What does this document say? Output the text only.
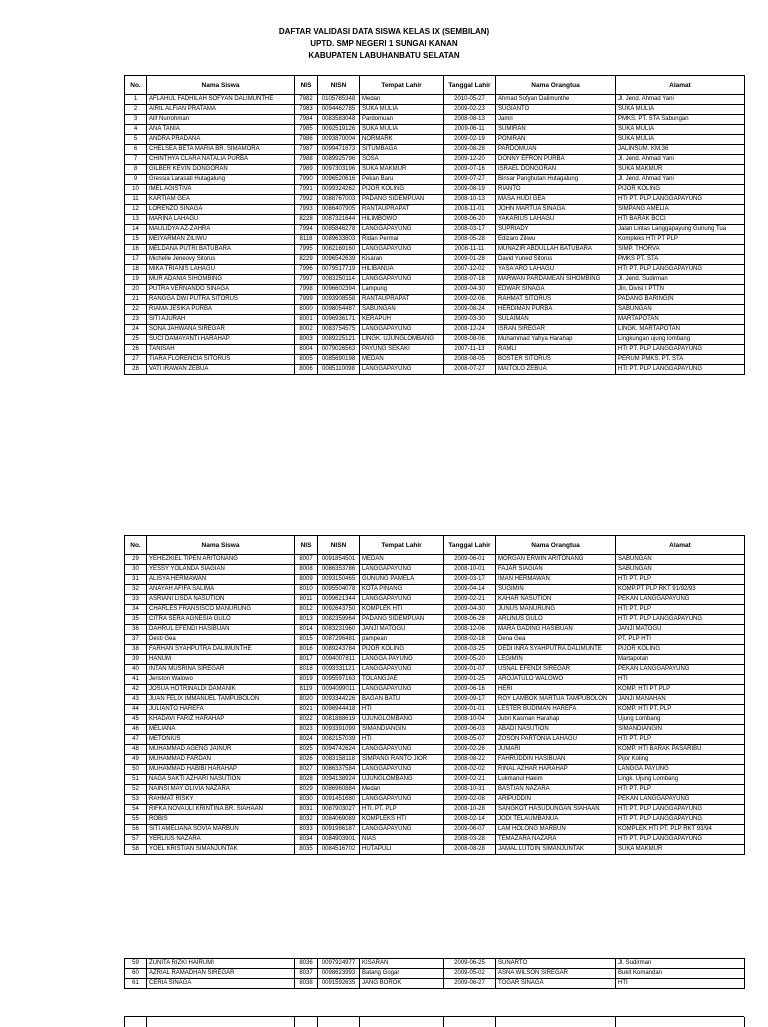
DAFTAR VALIDASI DATA SISWA KELAS IX (SEMBILAN)
UPTD. SMP NEGERI 1 SUNGAI KANAN
KABUPATEN LABUHANBATU SELATAN
No.	Nama Siswa	NIS	NISN	Tempat Lahir	Tanggal Lahir	Nama Orangtua	Alamat
1	AFLAHUL FADHILAH SOFYAN DALIMUNTHE	7982	0105785348	Medan	2010-05-27	Ahmad Sofyan Dalimunthe	Jl. Jend. Ahmad Yani
2	AIRIL ALFIAN PRATAMA	7983	0094462785	SUKA MULIA	2009-02-23	SUGIANTO	SUKA MULIA
3	Alif Nurrohman	7984	0083583048	Pardomuan	2008-08-13	Jamri	PMKS. PT. STA Sabungan
4	ANA TANIA	7985	0092519126	SUKA MULIA	2009-06-11	SUMIRAN	SUKA MULIA
5	ANDRA PRADANA	7986	0093870004	NORMARK	2009-02-19	PONIRAN	SUKA MULIA
6	CHELSEA BETA MARIA BR. SIMAMORA	7987	0099471673	SITUMBAGA	2009-08-28	PARDOMUAN	JALINSUM. KM.36
7	CHINTHYA CLARA NATALIA PURBA	7988	0089925796	SOSA	2009-12-20	DONNY EFRON PURBA	Jl. Jend. Ahmad Yani
8	GILBER KEVIN DONGORAN	7989	0097303196	SUKA MAKMUR	2009-07-16	ISRAEL DONGORAN	SUKA MAKMUR
9	Gressia Larasati Hutagalung	7990	0096520616	Pekan Baru	2009-07-27	Binsar Panghutan Hutagalung	Jl. Jend. Ahmad Yani
10	IMEL AGISTIVA	7991	0099324262	PIJOR KOLING	2009-08-19	RIANTO	PIJOR KOLING
11	KARTIAM GEA	7992	0088767003	PADANG SIDEMPUAN	2008-10-13	MASA HUDI GEA	HTI PT. PLP LANGGAPAYUNG
12	LORENZO SINAGA	7993	0086407905	RANTAUPRAPAT	2008-11-01	JOHN MARTUA SINAGA	SIMPANG AMELIA
13	MARINA LAHAGU	8228	0087321644	HILIMBOWO	2008-06-20	YAKARIUS LAHAGU	HTI BARAK BCCI
14	MAULIDYA AZ-ZAHRA	7994	0085846278	LANGGAPAYUNG	2008-03-17	SUPRIADY	Jalan Lintas Langgapayung Gunung Tua
15	MEIYARMAN ZILIWU	8118	0089633803	Ridan Permai	2008-05-28	Edizaro Ziliwu	Kompleks HTI PT PLP
16	MELDANA PUTRI BATUBARA	7995	0082169160	LANGGAPAYUNG	2008-11-11	MUNAZIR ABDULLAH BATUBARA	SIMP. THORVA
17	Michelle Jeneovy Sitorus	8229	0096542639	Kisaran	2009-01-28	David Yuned Sitorus	PMKS PT. STA
18	MIKA TRIANIS LAHAGU	7996	0079517719	HILIBANUA	2007-12-02	YASA'ARO LAHAGU	HTI PT. PLP LANGGAPAYUNG
19	MUR ADANIA SIHOMBING	7997	0083250114	LANGGAPAYUNG	2008-07-18	MARWAN PARDAMEAN SIHOMBING	Jl. Jend. Sudirman
20	PUTRA VERNANDO SINAGA	7998	0096602394	Lampung	2009-04-30	EDWAR SINAGA	Jln. Divisi I PTTN
21	RANGGA DWI PUTRA SITORUS	7999	0093908558	RANTAUPRAPAT	2009-02-06	RAHMAT SITORUS	PADANG BARINGIN
22	RIAMA JESIKA PURBA	8000	0098054487	SABUNGAN	2009-08-24	HERDIMAN PURBA	SABUNGAN
23	SITI AJURAH	8001	0096936171	KERAPUH	2009-03-30	SULAIMAN	MARTAPOTAN
24	SONA JAHWANA SIREGAR	8002	0083754575	LANGGAPAYUNG	2008-12-24	ISRAN SIREGAR	LINGK. MARTAPOTAN
25	SUCI DAMAYANTI HARAHAP	8003	0089225121	LINGK. UJUNGLOMBANG	2008-08-06	Muhammad Yahya Harahap	Lingkungan ujung lombang
26	TANISAH	8004	0079026563	PAYUNG SEKAKI	2007-11-13	RAMLI	HTI PT. PLP LANGGAPAYUNG
27	TIARA FLORENCIA SITORUS	8005	0085690198	MEDAN	2008-08-05	BOSTER SITORUS	PERUM PMKS. PT. STA
28	VATI IRAWAN ZEBUA	8006	0085110098	LANGGAPAYUNG	2008-07-27	MAITOLO ZEBUA	HTI PT. PLP LANGGAPAYUNG
No.	Nama Siswa	NIS	NISN	Tempat Lahir	Tanggal Lahir	Nama Orangtua	Alamat
29	YEHEZKIEL TIPEN ARITONANG	8007	0091854501	MEDAN	2009-06-01	MORGAN ERWIN ARITONANG	SABUNGAN
30	YESSY YOLANDA SIAGIAN	8008	0086353786	LANGGAPAYUNG	2008-10-01	FAJAR SIAGIAN	SABUNGAN
31	ALISYA HERMAWAN	8009	0093150465	GUNUNG PAMELA	2009-03-17	IMAN HERMAWAN	HTI PT. PLP
32	ANAYAH AFIFA SALIMA	8010	0095504078	KOTA PINANG	2009-04-14	SUGIMIN	KOMP.PT PLP RKT 91/92/93
33	ASRIANI LISDA NASUTION	8011	0099621344	LANGGAPAYUNG	2009-02-21	KAHAR NASUTION	PEKAN LANGGAPAYUNG
34	CHARLES FRANSISCO MANURUNG	8012	0092643750	KOMPLEK HTI	2009-04-30	JUNUS MANURUNG	HTI PT. PLP
35	CITRA SERA AGNESIA GULO	8013	0082359964	PADANG SIDEMPUAN	2008-06-28	ARLINUS GULO	HTI PT. PLP LANGGAPAYUNG
36	DAHRUL EFENDI HASIBUAN	8014	0083231960	JANJI MATOGU	2008-12-06	MARA GADING HASIBUAN	JANJI MATOGU
37	Desti Gea	8015	0087296481	pampean	2008-02-18	Dena Gea	PT. PLP HTI
38	FARHAN SYAHPUTRA DALIMUNTHE	8016	0089243784	PIJOR KOLING	2008-03-25	DEDI INRA SYAHPUTRA DALIMUNTE	PIJOR KOLING
39	HANUM	8017	0094007811	LANGGA PAYUNG	2009-05-20	LEGIMIN	Martapotan
40	INTAN MUSRINA SIREGAR	8018	0093331121	LANGGAPAYUNG	2009-01-07	USNAL EFENDI SIREGAR	PEKAN LANGGAPAYUNG
41	Jeriston Walowo	8019	0095597163	TOLANGJAE	2009-01-25	AROJATULO WALOWO	HTI
42	JOSUA HOTRINALDI DAMANIK	8119	0094099011	LANGGAPAYUNG	2009-06-16	HERI	KOMP. HTI PT PLP
43	JUAN FELIX IMMANUEL TAMPUBOLON	8020	0093344226	BAGAN BATU	2009-09-17	ROY LAMBOK MARTUA TAMPUBOLON	JANJI MANAHAN
44	JULIANTO HAREFA	8021	0096944418	HTI	2009-01-01	LESTER BUDIMAN HAREFA	KOMP. HTI PT. PLP
45	KHADAVI FARIZ HARAHAP	8022	0081888619	UJUNGLOMBANG	2008-10-04	Jubri Kasman Harahap	Ujung Lombang
46	MELIANA	8023	0093391099	SIMANDIANGIN	2009-06-03	ABADI NASUTION	SIMANDIANGIN
47	METONIUS	8024	0082157039	HTI	2008-05-07	ZOSON PARTONIA LAHAGU	HTI PT. PLP
48	MUHAMMAD AGENG JAINUR	8025	0094742624	LANGGAPAYUNG	2009-02-26	JUMARI	KOMP. HTI BARAK PASARIBU
49	MUHAMMAD FARDAN	8026	0083158118	SIMPANG RANTO JIOR	2008-08-22	FAHRUDDIN HASIBUAN	Pijor Koling
50	MUHAMMAD HABIBI HARAHAP	8027	0086337584	LANGGAPAYUNG	2008-02-02	RINAL AZHAR HARAHAP	LANGGA PAYUNG
51	NAGA SAKTI AZHARI NASUTION	8028	0094138924	UJUNGLOMBANG	2009-02-21	Lukmanul Hakim	Lingk. Ujung Lombang
52	NAINSI MAY OLIVIA NAZARA	8029	0086960884	Medan	2008-10-31	BASTIAN NAZARA	HTI PT. PLP
53	RAHMAT RISKY	8030	0091451680	LANGGAPAYUNG	2009-02-08	ARIPUDDIN	PEKAN LANGGAPAYUNG
54	RIFKA NOVAULI KRINTINA BR. SIAHAAN	8031	0087903027	HTI. PT. PLP	2008-10-28	SANGKOT HASUDUNGAN SIAHAAN	HTI PT. PLP LANGGAPAYUNG
55	ROBIS	8032	0084069089	KOMPLEKS HTI	2008-02-14	JODI TELAUMBANUA	HTI PT. PLP LANGGAPAYUNG
56	SITI AMELIANA SOVIA MARBUN	8033	0091986187	LANGGAPAYUNG	2009-06-07	LAM HOLONG MARBUN	KOMPLEK HTI PT. PLP RKT 93/94
57	YERLIUS NAZARA	8034	0084903901	NIAS	2008-03-28	TEMAZARA NAZARA	HTI PT. PLP LANGGAPAYUNG
58	YOEL KRISTIAN SIMANJUNTAK	8035	0084516702	HUTAPULI	2008-08-28	JAMAL LUTDIN SIMANJUNTAK	SUKA MAKMUR
59	ZUNITA RIZKI HAIRUMI	8036	0097924977	KISARAN	2009-06-25	SUNARTO	Jl. Sudirman
60	AZRIAL RAMADHAN SIREGAR	8037	0098623993	Batang Gogar	2009-05-02	ASNA WILSON SIREGAR	Bukit Komandan
61	CERIA SINAGA	8038	0091592635	JANG BOROK	2009-06-27	TOGAR SINAGA	HTI
